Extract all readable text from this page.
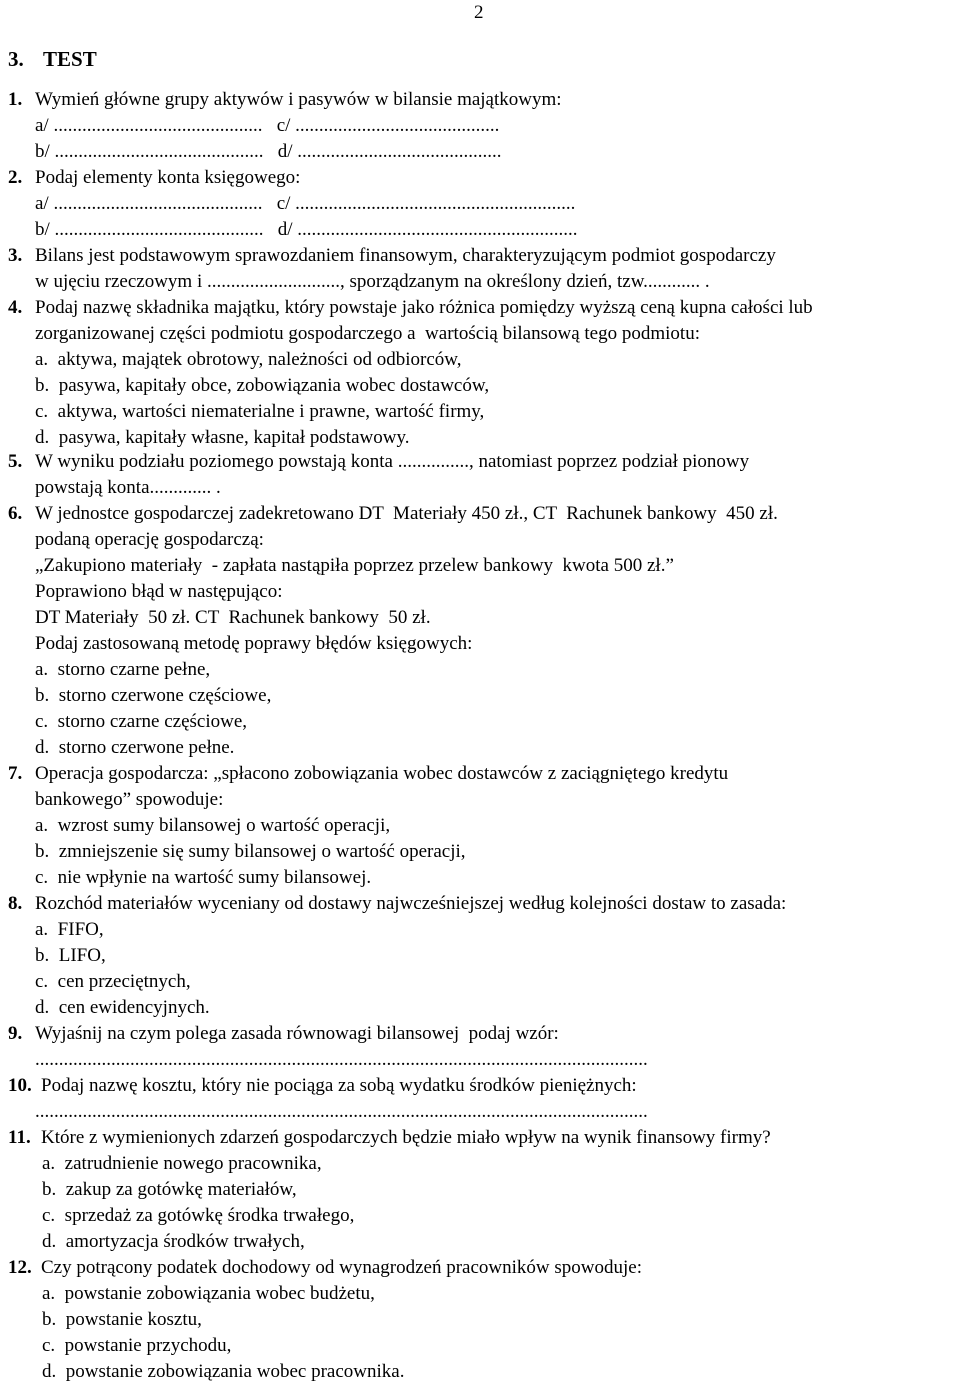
2
3. TEST
1. Wymień główne grupy aktywów i pasywów w bilansie majątkowym:
a/ ............................................   c/ ...........................................
b/ ............................................   d/ ...........................................
2. Podaj elementy konta księgowego:
a/ ............................................   c/ ...........................................................
b/ ............................................   d/ ...........................................................
3. Bilans jest podstawowym sprawozdaniem finansowym, charakteryzującym podmiot gospodarczy
w ujęciu rzeczowym i ............................, sporządzanym na określony dzień, tzw............ .
4. Podaj nazwę składnika majątku, który powstaje jako różnica pomiędzy wyższą ceną kupna całości lub
zorganizowanej części podmiotu gospodarczego a  wartością bilansową tego podmiotu:
a.  aktywa, majątek obrotowy, należności od odbiorców,
b.  pasywa, kapitały obce, zobowiązania wobec dostawców,
c.  aktywa, wartości niematerialne i prawne, wartość firmy,
d.  pasywa, kapitały własne, kapitał podstawowy.
5. W wyniku podziału poziomego powstają konta ..............., natomiast poprzez podział pionowy
powstają konta............. .
6. W jednostce gospodarczej zadekretowano DT  Materiały 450 zł., CT  Rachunek bankowy  450 zł.
podaną operację gospodarczą:
„Zakupiono materiały  - zapłata nastąpiła poprzez przelew bankowy  kwota 500 zł.”
Poprawiono błąd w następująco:
DT Materiały  50 zł. CT  Rachunek bankowy  50 zł.
Podaj zastosowaną metodę poprawy błędów księgowych:
a.  storno czarne pełne,
b.  storno czerwone częściowe,
c.  storno czarne częściowe,
d.  storno czerwone pełne.
7. Operacja gospodarcza: „spłacono zobowiązania wobec dostawców z zaciągniętego kredytu
bankowego” spowoduje:
a.  wzrost sumy bilansowej o wartość operacji,
b.  zmniejszenie się sumy bilansowej o wartość operacji,
c.  nie wpłynie na wartość sumy bilansowej.
8. Rozchód materiałów wyceniany od dostawy najwcześniejszej według kolejności dostaw to zasada:
a.  FIFO,
b.  LIFO,
c.  cen przeciętnych,
d.  cen ewidencyjnych.
9. Wyjaśnij na czym polega zasada równowagi bilansowej  podaj wzór:
.................................................................................................................................
10. Podaj nazwę kosztu, który nie pociąga za sobą wydatku środków pieniężnych:
.................................................................................................................................
11. Które z wymienionych zdarzeń gospodarczych będzie miało wpływ na wynik finansowy firmy?
a.  zatrudnienie nowego pracownika,
b.  zakup za gotówkę materiałów,
c.  sprzedaż za gotówkę środka trwałego,
d.  amortyzacja środków trwałych,
12. Czy potrącony podatek dochodowy od wynagrodzeń pracowników spowoduje:
a.  powstanie zobowiązania wobec budżetu,
b.  powstanie kosztu,
c.  powstanie przychodu,
d.  powstanie zobowiązania wobec pracownika.
